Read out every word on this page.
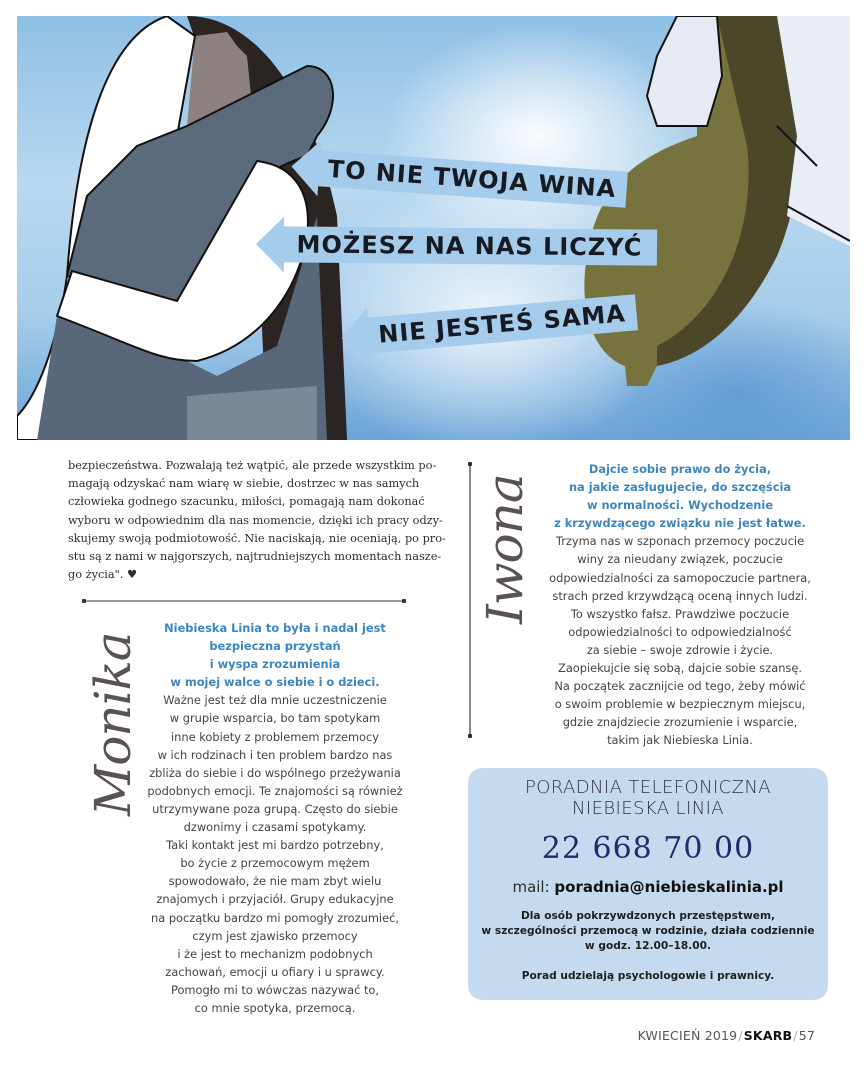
TO NIE TWOJA WINA
MOŻESZ NA NAS LICZYĆ
NIE JESTEŚ SAMA
bezpieczeństwa. Pozwalają też wątpić, ale przede wszystkim po-
magają odzyskać nam wiarę w siebie, dostrzec w nas samych
człowieka godnego szacunku, miłości, pomagają nam dokonać
wyboru w odpowiednim dla nas momencie, dzięki ich pracy odzy-
skujemy swoją podmiotowość. Nie naciskają, nie oceniają, po pro-
stu są z nami w najgorszych, najtrudniejszych momentach naszе-
go życia". ♥
Monika
Niebieska Linia to była i nadal jest
bezpieczna przystań
i wyspa zrozumienia
w mojej walce o siebie i o dzieci.
Ważne jest też dla mnie uczestniczenie
w grupie wsparcia, bo tam spotykam
inne kobiety z problemem przemocy
w ich rodzinach i ten problem bardzo nas
zbliża do siebie i do wspólnego przeżywania
podobnych emocji. Te znajomości są również
utrzymywane poza grupą. Często do siebie
dzwonimy i czasami spotykamy.
Taki kontakt jest mi bardzo potrzebny,
bo życie z przemocowym mężem
spowodowało, że nie mam zbyt wielu
znajomych i przyjaciół. Grupy edukacyjne
na początku bardzo mi pomogły zrozumieć,
czym jest zjawisko przemocy
i że jest to mechanizm podobnych
zachowań, emocji u ofiary i u sprawcy.
Pomogło mi to wówczas nazywać to,
co mnie spotyka, przemocą.
Iwona
Dajcie sobie prawo do życia,
na jakie zasługujecie, do szczęścia
w normalności. Wychodzenie
z krzywdzącego związku nie jest łatwe.
Trzyma nas w szponach przemocy poczucie
winy za nieudany związek, poczucie
odpowiedzialności za samopoczucie partnera,
strach przed krzywdzącą oceną innych ludzi.
To wszystko fałsz. Prawdziwe poczucie
odpowiedzialności to odpowiedzialność
za siebie – swoje zdrowie i życie.
Zaopiekujcie się sobą, dajcie sobie szansę.
Na początek zacznijcie od tego, żeby mówić
o swoim problemie w bezpiecznym miejscu,
gdzie znajdziecie zrozumienie i wsparcie,
takim jak Niebieska Linia.
PORADNIA TELEFONICZNA
NIEBIESKA LINIA
22 668 70 00
mail: poradnia@niebieskalinia.pl
Dla osób pokrzywdzonych przestępstwem,
w szczególności przemocą w rodzinie, działa codziennie
w godz. 12.00–18.00.
Porad udzielają psychologowie i prawnicy.
KWIECIEŃ 2019/SKARB/57
